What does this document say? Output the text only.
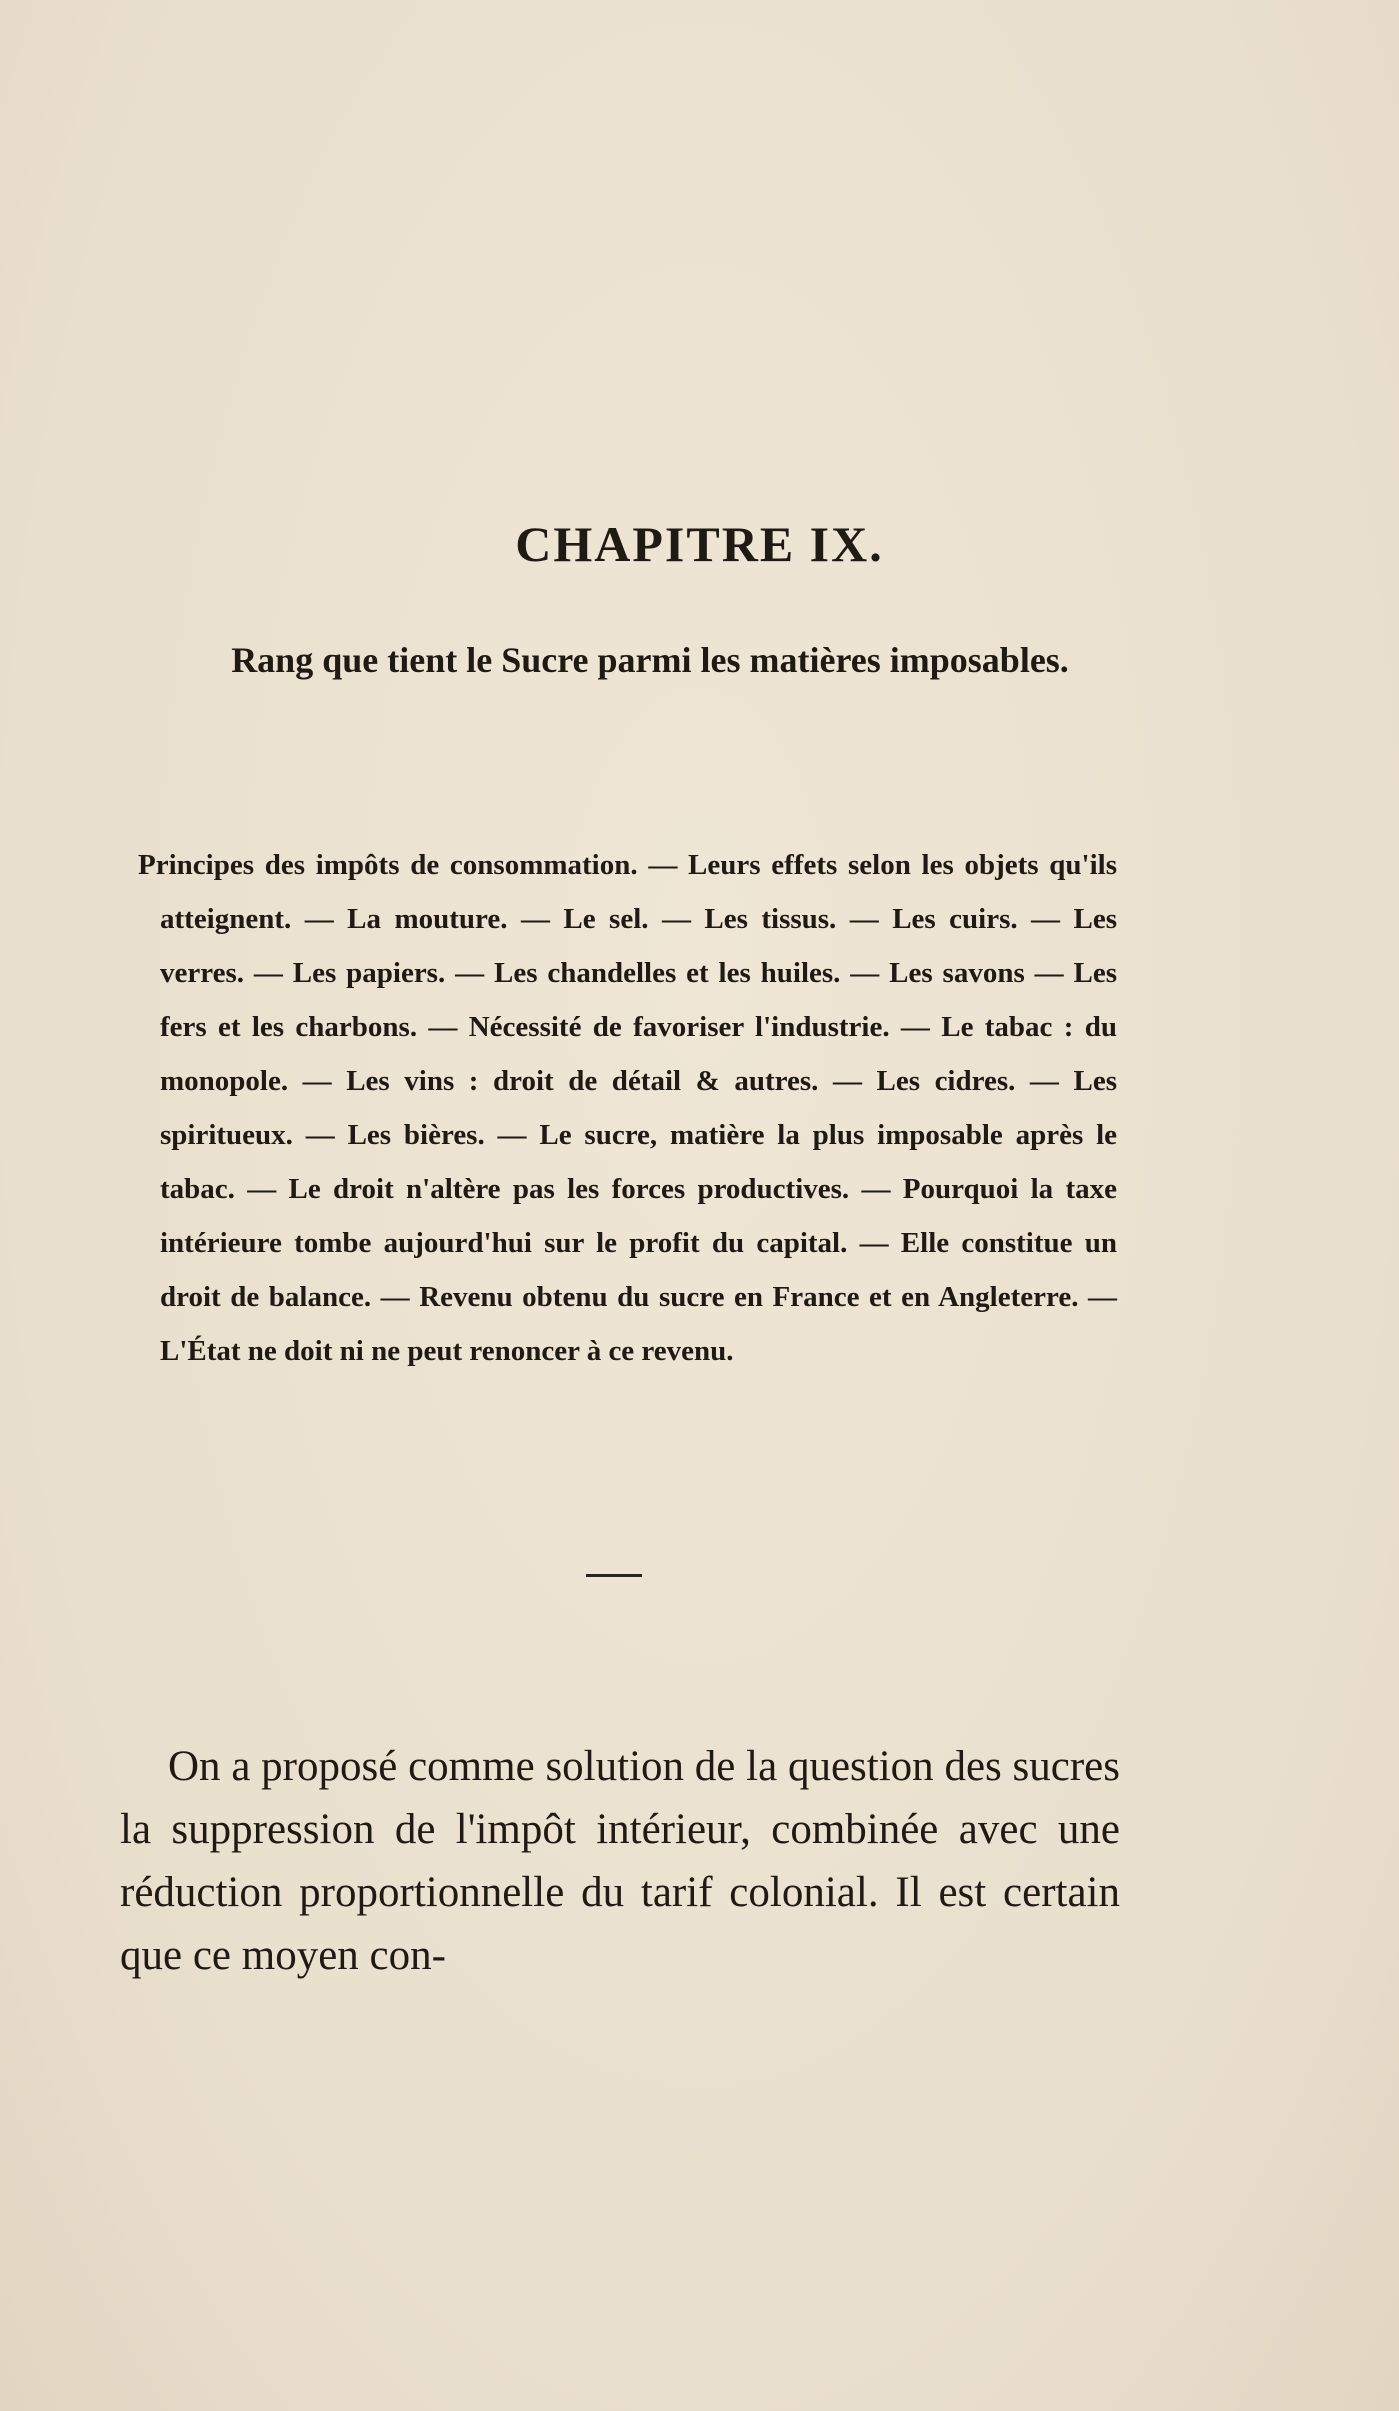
CHAPITRE IX.
Rang que tient le Sucre parmi les matières imposables.
Principes des impôts de consommation. — Leurs effets selon les objets qu'ils atteignent. — La mouture. — Le sel. — Les tissus. — Les cuirs. — Les verres. — Les papiers. — Les chandelles et les huiles. — Les savons — Les fers et les charbons. — Nécessité de favoriser l'industrie. — Le tabac : du monopole. — Les vins : droit de détail & autres. — Les cidres. — Les spiritueux. — Les bières. — Le sucre, matière la plus imposable après le tabac. — Le droit n'altère pas les forces productives. — Pourquoi la taxe intérieure tombe aujourd'hui sur le profit du capital. — Elle constitue un droit de balance. — Revenu obtenu du sucre en France et en Angleterre. — L'État ne doit ni ne peut renoncer à ce revenu.
On a proposé comme solution de la question des sucres la suppression de l'impôt intérieur, combinée avec une réduction proportionnelle du tarif colonial. Il est certain que ce moyen con-
